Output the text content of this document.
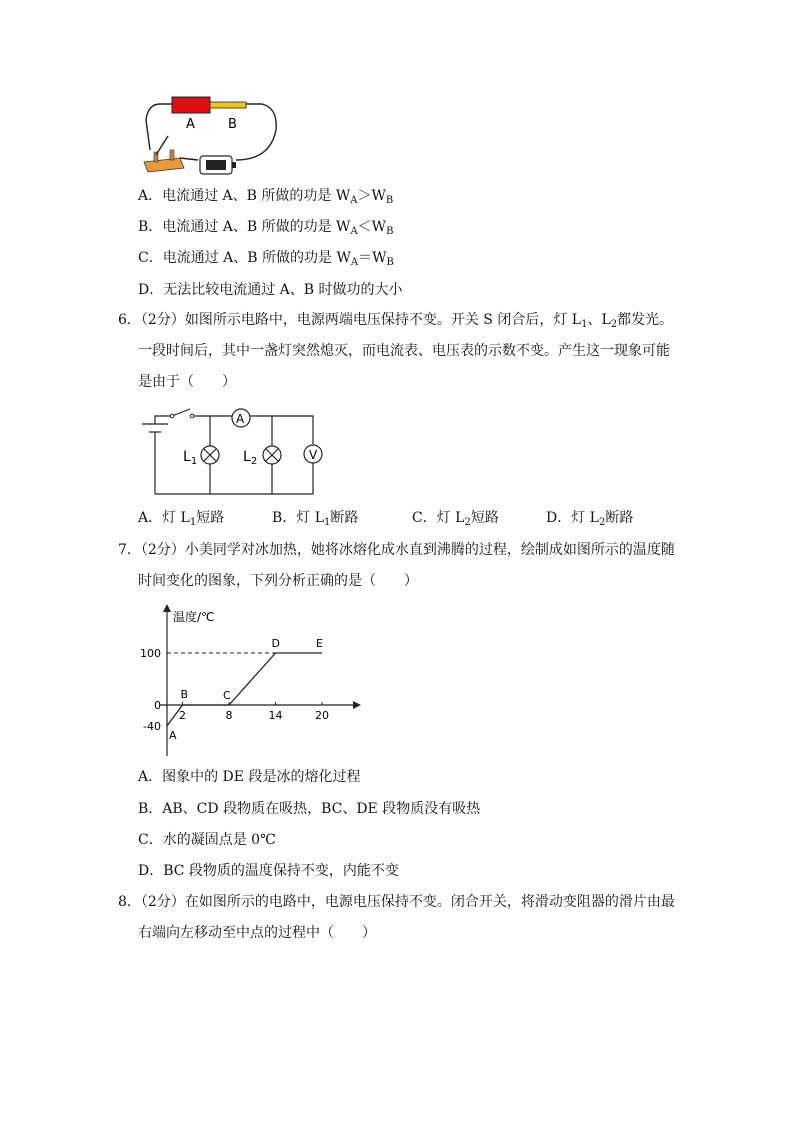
A	B
A．电流通过 A、B 所做的功是 $W_A>W_B$
B．电流通过 A、B 所做的功是 $W_A<W_B$
C．电流通过 A、B 所做的功是 $W_A=W_B$
D．无法比较电流通过 A、B 时做功的大小
6．（2分）如图所示电路中，电源两端电压保持不变。开关 S 闭合后，灯 $L_1$、$L_2$都发光。
一段时间后，其中一盏灯突然熄灭，而电流表、电压表的示数不变。产生这一现象可能
是由于（　　）
A
V
$L_1$	$L_2$
A．灯 $L_1$短路	B．灯 $L_1$断路	C．灯 $L_2$短路	D．灯 $L_2$断路
7．（2分）小美同学对冰加热，她将冰熔化成水直到沸腾的过程，绘制成如图所示的温度随
时间变化的图象，下列分析正确的是（　　）
温度/℃
A
B	C
D	E
2	8	14	20
100
0
-40
A．图象中的 DE 段是冰的熔化过程
B．AB、CD 段物质在吸热，BC、DE 段物质没有吸热
C．水的凝固点是 0℃
D．BC 段物质的温度保持不变，内能不变
8．（2分）在如图所示的电路中，电源电压保持不变。闭合开关，将滑动变阻器的滑片由最
右端向左移动至中点的过程中（　　）
